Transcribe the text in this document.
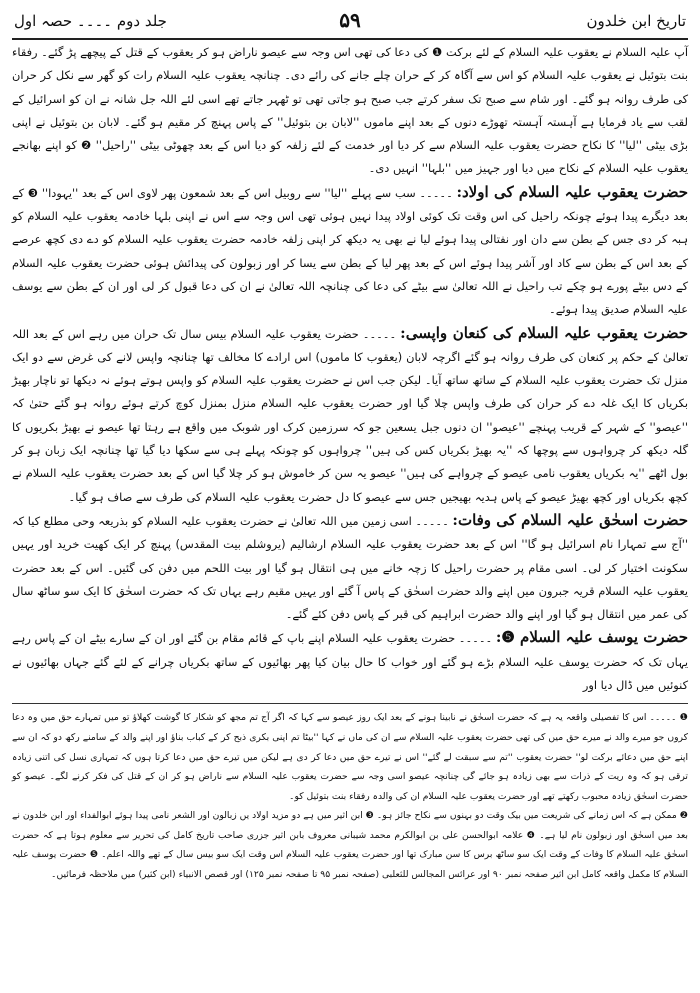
تاریخ ابن خلدون
۵۹
جلد دوم ۔۔۔۔ حصہ اول

آپ علیہ السلام نے یعقوب علیہ السلام کے لئے برکت ❶ کی دعا کی تھی اس وجہ سے عیصو ناراض ہو کر یعقوب کے قتل کے پیچھے پڑ گئے۔ رفقاء بنت بتوئیل نے یعقوب علیہ السلام کو اس سے آگاہ کر کے حران چلے جانے کی رائے دی۔ چنانچہ یعقوب علیہ السلام رات کو گھر سے نکل کر حران کی طرف روانہ ہو گئے۔ اور شام سے صبح تک سفر کرتے جب صبح ہو جاتی تھی تو ٹھہر جاتے تھے اسی لئے اللہ جل شانہ نے ان کو اسرائیل کے لقب سے یاد فرمایا ہے آہستہ آہستہ تھوڑے دنوں کے بعد اپنے ماموں ''لابان بن بتوئیل'' کے پاس پہنچ کر مقیم ہو گئے۔ لابان بن بتوئیل نے اپنی بڑی بیٹی ''لیا'' کا نکاح حضرت یعقوب علیہ السلام سے کر دیا اور خدمت کے لئے زلفہ کو دیا اس کے بعد چھوٹی بیٹی ''راحیل'' ❷ کو اپنے بھانجے یعقوب علیہ السلام کے نکاح میں دیا اور جہیز میں ''بلہا'' انہیں دی۔

حضرت یعقوب علیہ السلام کی اولاد: ۔۔۔۔۔ سب سے پہلے ''لیا'' سے روبیل اس کے بعد شمعون پھر لاوی اس کے بعد ''یہودا'' ❸ کے بعد دیگرے پیدا ہوئے چونکہ راحیل کی اس وقت تک کوئی اولاد پیدا نہیں ہوئی تھی اس وجہ سے اس نے اپنی بلہا خادمہ یعقوب علیہ السلام کو ہبہ کر دی جس کے بطن سے دان اور نفتالی پیدا ہوئے لیا نے بھی یہ دیکھ کر اپنی زلفہ خادمہ حضرت یعقوب علیہ السلام کو دے دی کچھ عرصے کے بعد اس کے بطن سے کاد اور آشر پیدا ہوئے اس کے بعد پھر لیا کے بطن سے یسا کر اور زبولون کی پیدائش ہوئی حضرت یعقوب علیہ السلام کے دس بیٹے پورے ہو چکے تب راحیل نے اللہ تعالیٰ سے بیٹے کی دعا کی چنانچہ اللہ تعالیٰ نے ان کی دعا قبول کر لی اور ان کے بطن سے یوسف علیہ السلام صدیق پیدا ہوئے۔

حضرت یعقوب علیہ السلام کی کنعان واپسی: ۔۔۔۔۔ حضرت یعقوب علیہ السلام بیس سال تک حران میں رہے اس کے بعد اللہ تعالیٰ کے حکم پر کنعان کی طرف روانہ ہو گئے اگرچہ لابان (یعقوب کا ماموں) اس ارادے کا مخالف تھا چنانچہ واپس لانے کی غرض سے دو ایک منزل تک حضرت یعقوب علیہ السلام کے ساتھ ساتھ آیا۔ لیکن جب اس نے حضرت یعقوب علیہ السلام کو واپس ہوتے ہوئے نہ دیکھا تو ناچار بھیڑ بکریاں کا ایک غلہ دے کر حران کی طرف واپس چلا گیا اور حضرت یعقوب علیہ السلام منزل بمنزل کوچ کرتے ہوئے روانہ ہو گئے حتیٰ کہ ''عیصو'' کے شہر کے قریب پہنچے ''عیصو'' ان دنوں جبل یسعین جو کہ سرزمین کرک اور شوبک میں واقع ہے رہتا تھا عیصو نے بھیڑ بکریوں کا گلہ دیکھ کر چرواہوں سے پوچھا کہ ''یہ بھیڑ بکریاں کس کی ہیں'' چرواہوں کو چونکہ پہلے ہی سے سکھا دیا گیا تھا چنانچہ ایک زبان ہو کر بول اٹھے ''یہ بکریاں یعقوب نامی عیصو کے چرواہے کی ہیں'' عیصو یہ سن کر خاموش ہو کر چلا گیا اس کے بعد حضرت یعقوب علیہ السلام نے کچھ بکریاں اور کچھ بھیڑ عیصو کے پاس ہدیہ بھیجیں جس سے عیصو کا دل حضرت یعقوب علیہ السلام کی طرف سے صاف ہو گیا۔

حضرت اسحٰق علیہ السلام کی وفات: ۔۔۔۔۔ اسی زمین میں اللہ تعالیٰ نے حضرت یعقوب علیہ السلام کو بذریعہ وحی مطلع کیا کہ ''آج سے تمہارا نام اسرائیل ہو گا'' اس کے بعد حضرت یعقوب علیہ السلام ارشالیم (یروشلم بیت المقدس) پہنچ کر ایک کھیت خرید اور یہیں سکونت اختیار کر لی۔ اسی مقام پر حضرت راحیل کا زچہ خانے میں ہی انتقال ہو گیا اور بیت اللحم میں دفن کی گئیں۔ اس کے بعد حضرت یعقوب علیہ السلام قریہ جبرون میں اپنے والد حضرت اسحٰق کے پاس آ گئے اور یہیں مقیم رہے یہاں تک کہ حضرت اسحٰق کا ایک سو ساٹھ سال کی عمر میں انتقال ہو گیا اور اپنے والد حضرت ابراہیم کی قبر کے پاس دفن کئے گئے۔

حضرت یوسف علیہ السلام ❺: ۔۔۔۔۔ حضرت یعقوب علیہ السلام اپنے باپ کے قائم مقام بن گئے اور ان کے سارے بیٹے ان کے پاس رہے یہاں تک کہ حضرت یوسف علیہ السلام بڑے ہو گئے اور خواب کا حال بیان کیا پھر بھائیوں کے ساتھ بکریاں چرانے کے لئے گئے جہاں بھائیوں نے کنوئیں میں ڈال دیا اور

❶ ۔۔۔۔۔ اس کا تفصیلی واقعہ یہ ہے کہ حضرت اسحٰق نے نابینا ہونے کے بعد ایک روز عیصو سے کہا کہ اگر آج تم مجھ کو شکار کا گوشت کھلاؤ تو میں تمہارے حق میں وہ دعا کروں جو میرے والد نے میرے حق میں کی تھی حضرت یعقوب علیہ السلام سے ان کی ماں نے کہا ''بیٹا تم اپنی بکری ذبح کر کے کباب بناؤ اور اپنے والد کے سامنے رکھ دو کہ ان سے اپنے حق میں دعائے برکت لو'' حضرت یعقوب ''تم سے سبقت لے گئے'' اس نے تیرے حق میں دعا کر دی ہے لیکن میں تیرے حق میں دعا کرتا ہوں کہ تمہاری نسل کی اتنی زیادہ ترقی ہو کہ وہ ریت کے ذرات سے بھی زیادہ ہو جائے گی چنانچہ عیصو اسی وجہ سے حضرت یعقوب علیہ السلام سے ناراض ہو کر ان کے قتل کی فکر کرنے لگے۔ عیصو کو حضرت اسحٰق زیادہ محبوب رکھتے تھے اور حضرت یعقوب علیہ السلام ان کی والدہ رفقاء بنت بتوئیل کو۔

❷ ممکن ہے کہ اس زمانے کی شریعت میں بیک وقت دو بہنوں سے نکاح جائز ہو۔ ❸ ابن اثیر میں ہے دو مزید اولاد یں زبالون اور الشعر نامی پیدا ہوئے ابوالفداء اور ابن خلدون نے بعد میں اسحٰق اور زبولون نام لیا ہے۔ ❹ علامہ ابوالحسن علی بن ابوالکرم محمد شیبانی معروف بابن اثیر جزری صاحب تاریخ کامل کی تحریر سے معلوم ہوتا ہے کہ حضرت اسحٰق علیہ السلام کا وفات کے وقت ایک سو ساٹھ برس کا سن مبارک تھا اور حضرت یعقوب علیہ السلام اس وقت ایک سو بیس سال کے تھے واللہ اعلم۔ ❺ حضرت یوسف علیہ السلام کا مکمل واقعہ کامل ابن اثیر صفحہ نمبر ۹۰ اور عرائس المجالس للثعلبی (صفحہ نمبر ۹۵ تا صفحہ نمبر ۱۲۵) اور قصص الانبیاء (ابن کثیر) میں ملاحظہ فرمائیں۔
